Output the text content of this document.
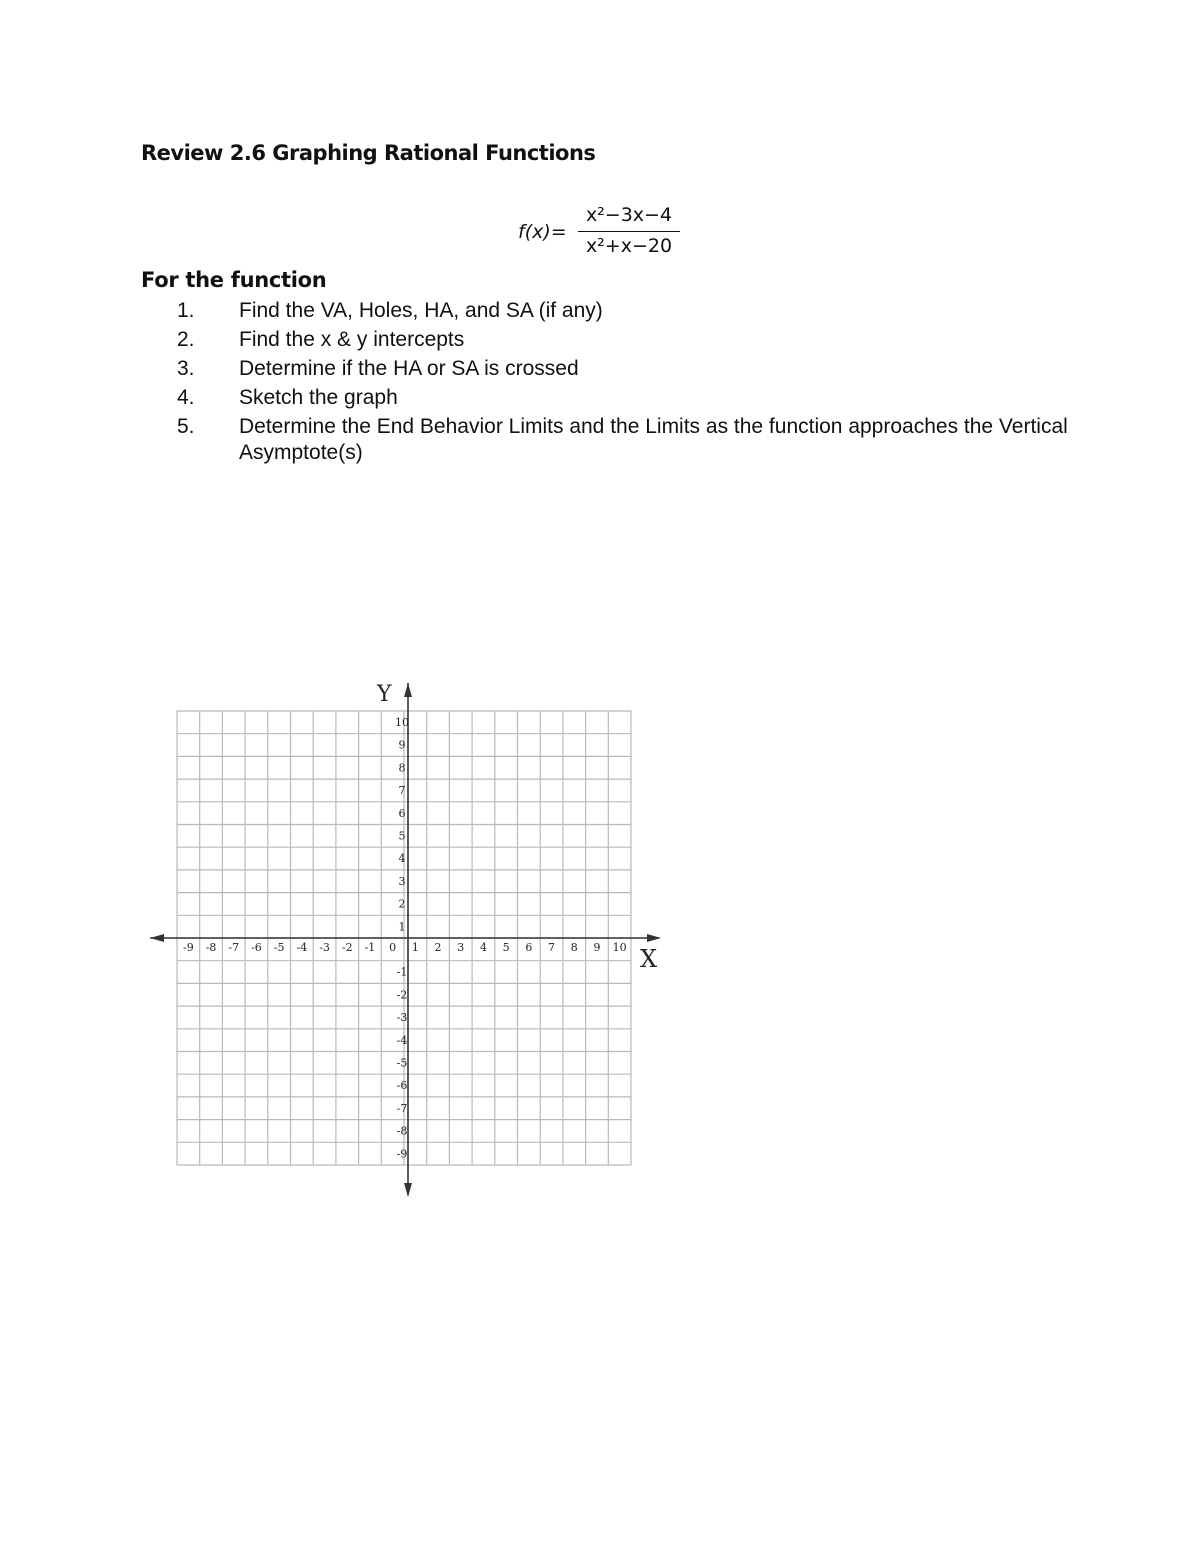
Review 2.6 Graphing Rational Functions
f(x)=
x²−3x−4
x²+x−20
For the function
1. Find the VA, Holes, HA, and SA (if any)
2. Find the x & y intercepts
3. Determine if the HA or SA is crossed
4. Sketch the graph
5. Determine the End Behavior Limits and the Limits as the function approaches the Vertical Asymptote(s)
-9 -8 -7 -6 -5 -4 -3 -2 -1 0 1 2 3 4 5 6 7 8 9 10
10
9
8
7
6
5
4
3
2
1
-1
-2
-3
-4
-5
-6
-7
-8
-9
X
Y
